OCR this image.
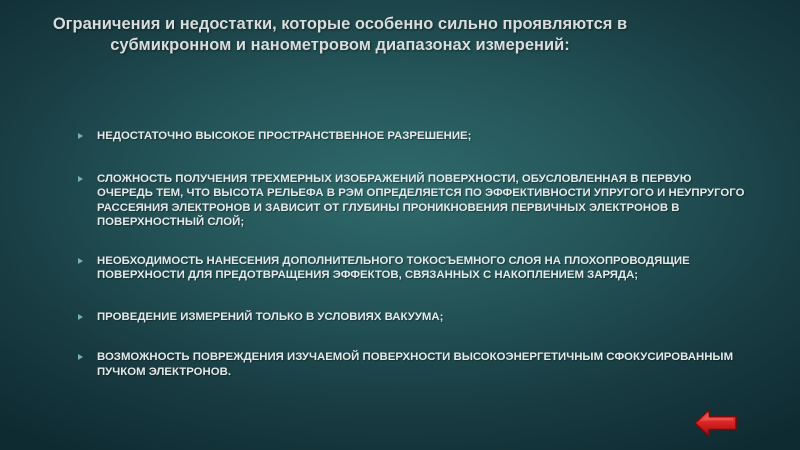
Ограничения и недостатки, которые особенно сильно проявляются в субмикронном и нанометровом диапазонах измерений:
НЕДОСТАТОЧНО ВЫСОКОЕ ПРОСТРАНСТВЕННОЕ РАЗРЕШЕНИЕ;
СЛОЖНОСТЬ ПОЛУЧЕНИЯ ТРЕХМЕРНЫХ ИЗОБРАЖЕНИЙ ПОВЕРХНОСТИ, ОБУСЛОВЛЕННАЯ В ПЕРВУЮ ОЧЕРЕДЬ ТЕМ, ЧТО ВЫСОТА РЕЛЬЕФА В РЭМ ОПРЕДЕЛЯЕТСЯ ПО ЭФФЕКТИВНОСТИ УПРУГОГО И НЕУПРУГОГО РАССЕЯНИЯ ЭЛЕКТРОНОВ И ЗАВИСИТ ОТ ГЛУБИНЫ ПРОНИКНОВЕНИЯ ПЕРВИЧНЫХ ЭЛЕКТРОНОВ В ПОВЕРХНОСТНЫЙ СЛОЙ;
НЕОБХОДИМОСТЬ НАНЕСЕНИЯ ДОПОЛНИТЕЛЬНОГО ТОКОСЪЕМНОГО СЛОЯ НА ПЛОХОПРОВОДЯЩИЕ ПОВЕРХНОСТИ ДЛЯ ПРЕДОТВРАЩЕНИЯ ЭФФЕКТОВ, СВЯЗАННЫХ С НАКОПЛЕНИЕМ ЗАРЯДА;
ПРОВЕДЕНИЕ ИЗМЕРЕНИЙ ТОЛЬКО В УСЛОВИЯХ ВАКУУМА;
ВОЗМОЖНОСТЬ ПОВРЕЖДЕНИЯ ИЗУЧАЕМОЙ ПОВЕРХНОСТИ ВЫСОКОЭНЕРГЕТИЧНЫМ СФОКУСИРОВАННЫМ ПУЧКОМ ЭЛЕКТРОНОВ.
